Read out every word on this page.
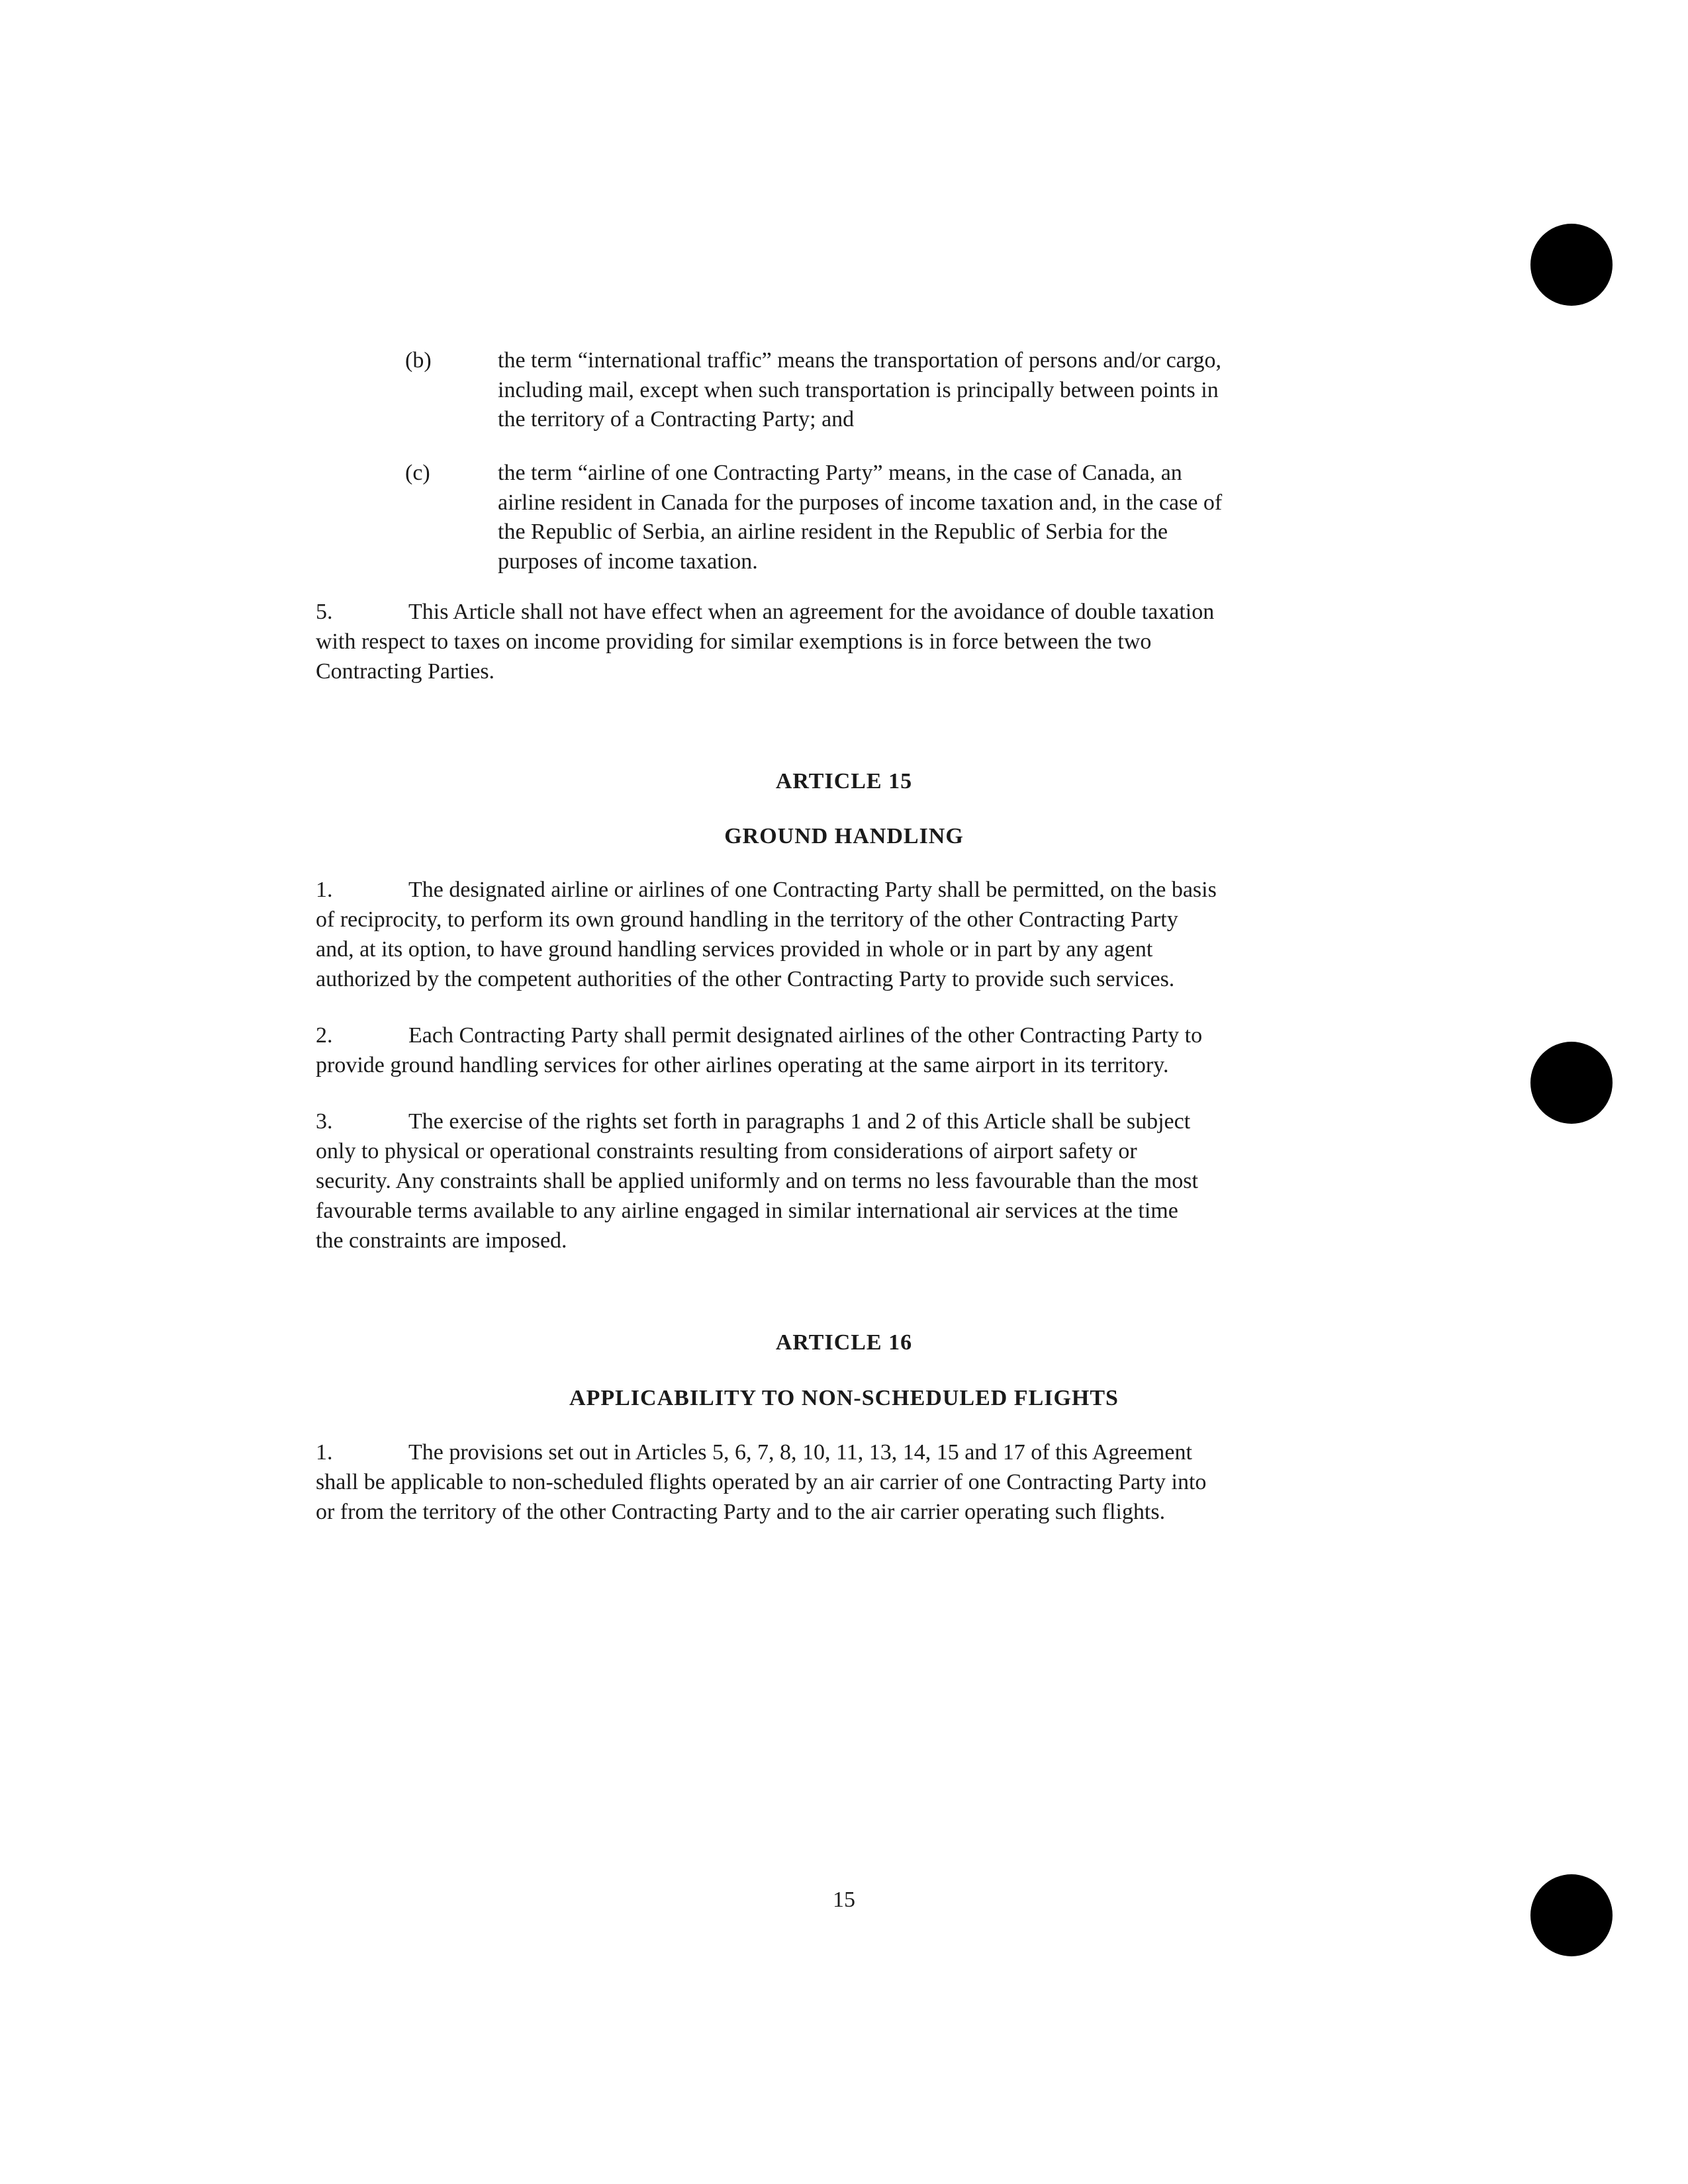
(b)	the term “international traffic” means the transportation of persons and/or cargo,
including mail, except when such transportation is principally between points in
the territory of a Contracting Party; and
(c)	the term “airline of one Contracting Party” means, in the case of Canada, an
airline resident in Canada for the purposes of income taxation and, in the case of
the Republic of Serbia, an airline resident in the Republic of Serbia for the
purposes of income taxation.
5.	This Article shall not have effect when an agreement for the avoidance of double taxation
with respect to taxes on income providing for similar exemptions is in force between the two
Contracting Parties.
ARTICLE 15
GROUND HANDLING
1.	The designated airline or airlines of one Contracting Party shall be permitted, on the basis
of reciprocity, to perform its own ground handling in the territory of the other Contracting Party
and, at its option, to have ground handling services provided in whole or in part by any agent
authorized by the competent authorities of the other Contracting Party to provide such services.
2.	Each Contracting Party shall permit designated airlines of the other Contracting Party to
provide ground handling services for other airlines operating at the same airport in its territory.
3.	The exercise of the rights set forth in paragraphs 1 and 2 of this Article shall be subject
only to physical or operational constraints resulting from considerations of airport safety or
security. Any constraints shall be applied uniformly and on terms no less favourable than the most
favourable terms available to any airline engaged in similar international air services at the time
the constraints are imposed.
ARTICLE 16
APPLICABILITY TO NON-SCHEDULED FLIGHTS
1.	The provisions set out in Articles 5, 6, 7, 8, 10, 11, 13, 14, 15 and 17 of this Agreement
shall be applicable to non-scheduled flights operated by an air carrier of one Contracting Party into
or from the territory of the other Contracting Party and to the air carrier operating such flights.
15
